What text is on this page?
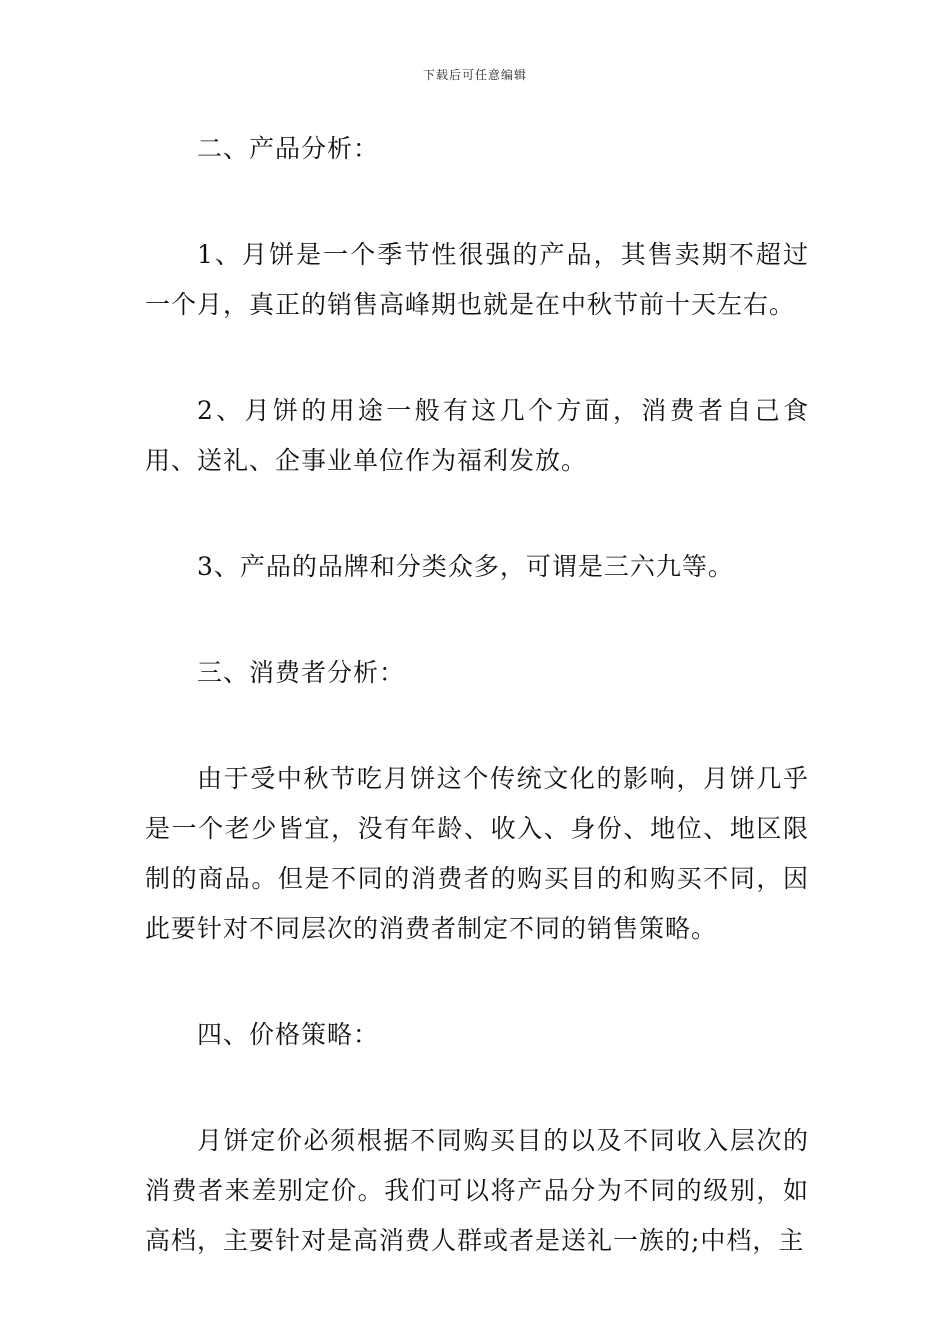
下载后可任意编辑

二、产品分析：

1、月饼是一个季节性很强的产品，其售卖期不超过一个月，真正的销售高峰期也就是在中秋节前十天左右。

2、月饼的用途一般有这几个方面，消费者自己食用、送礼、企事业单位作为福利发放。

3、产品的品牌和分类众多，可谓是三六九等。

三、消费者分析：

由于受中秋节吃月饼这个传统文化的影响，月饼几乎是一个老少皆宜，没有年龄、收入、身份、地位、地区限制的商品。但是不同的消费者的购买目的和购买不同，因此要针对不同层次的消费者制定不同的销售策略。

四、价格策略：

月饼定价必须根据不同购买目的以及不同收入层次的消费者来差别定价。我们可以将产品分为不同的级别，如高档，主要针对是高消费人群或者是送礼一族的;中档，主
